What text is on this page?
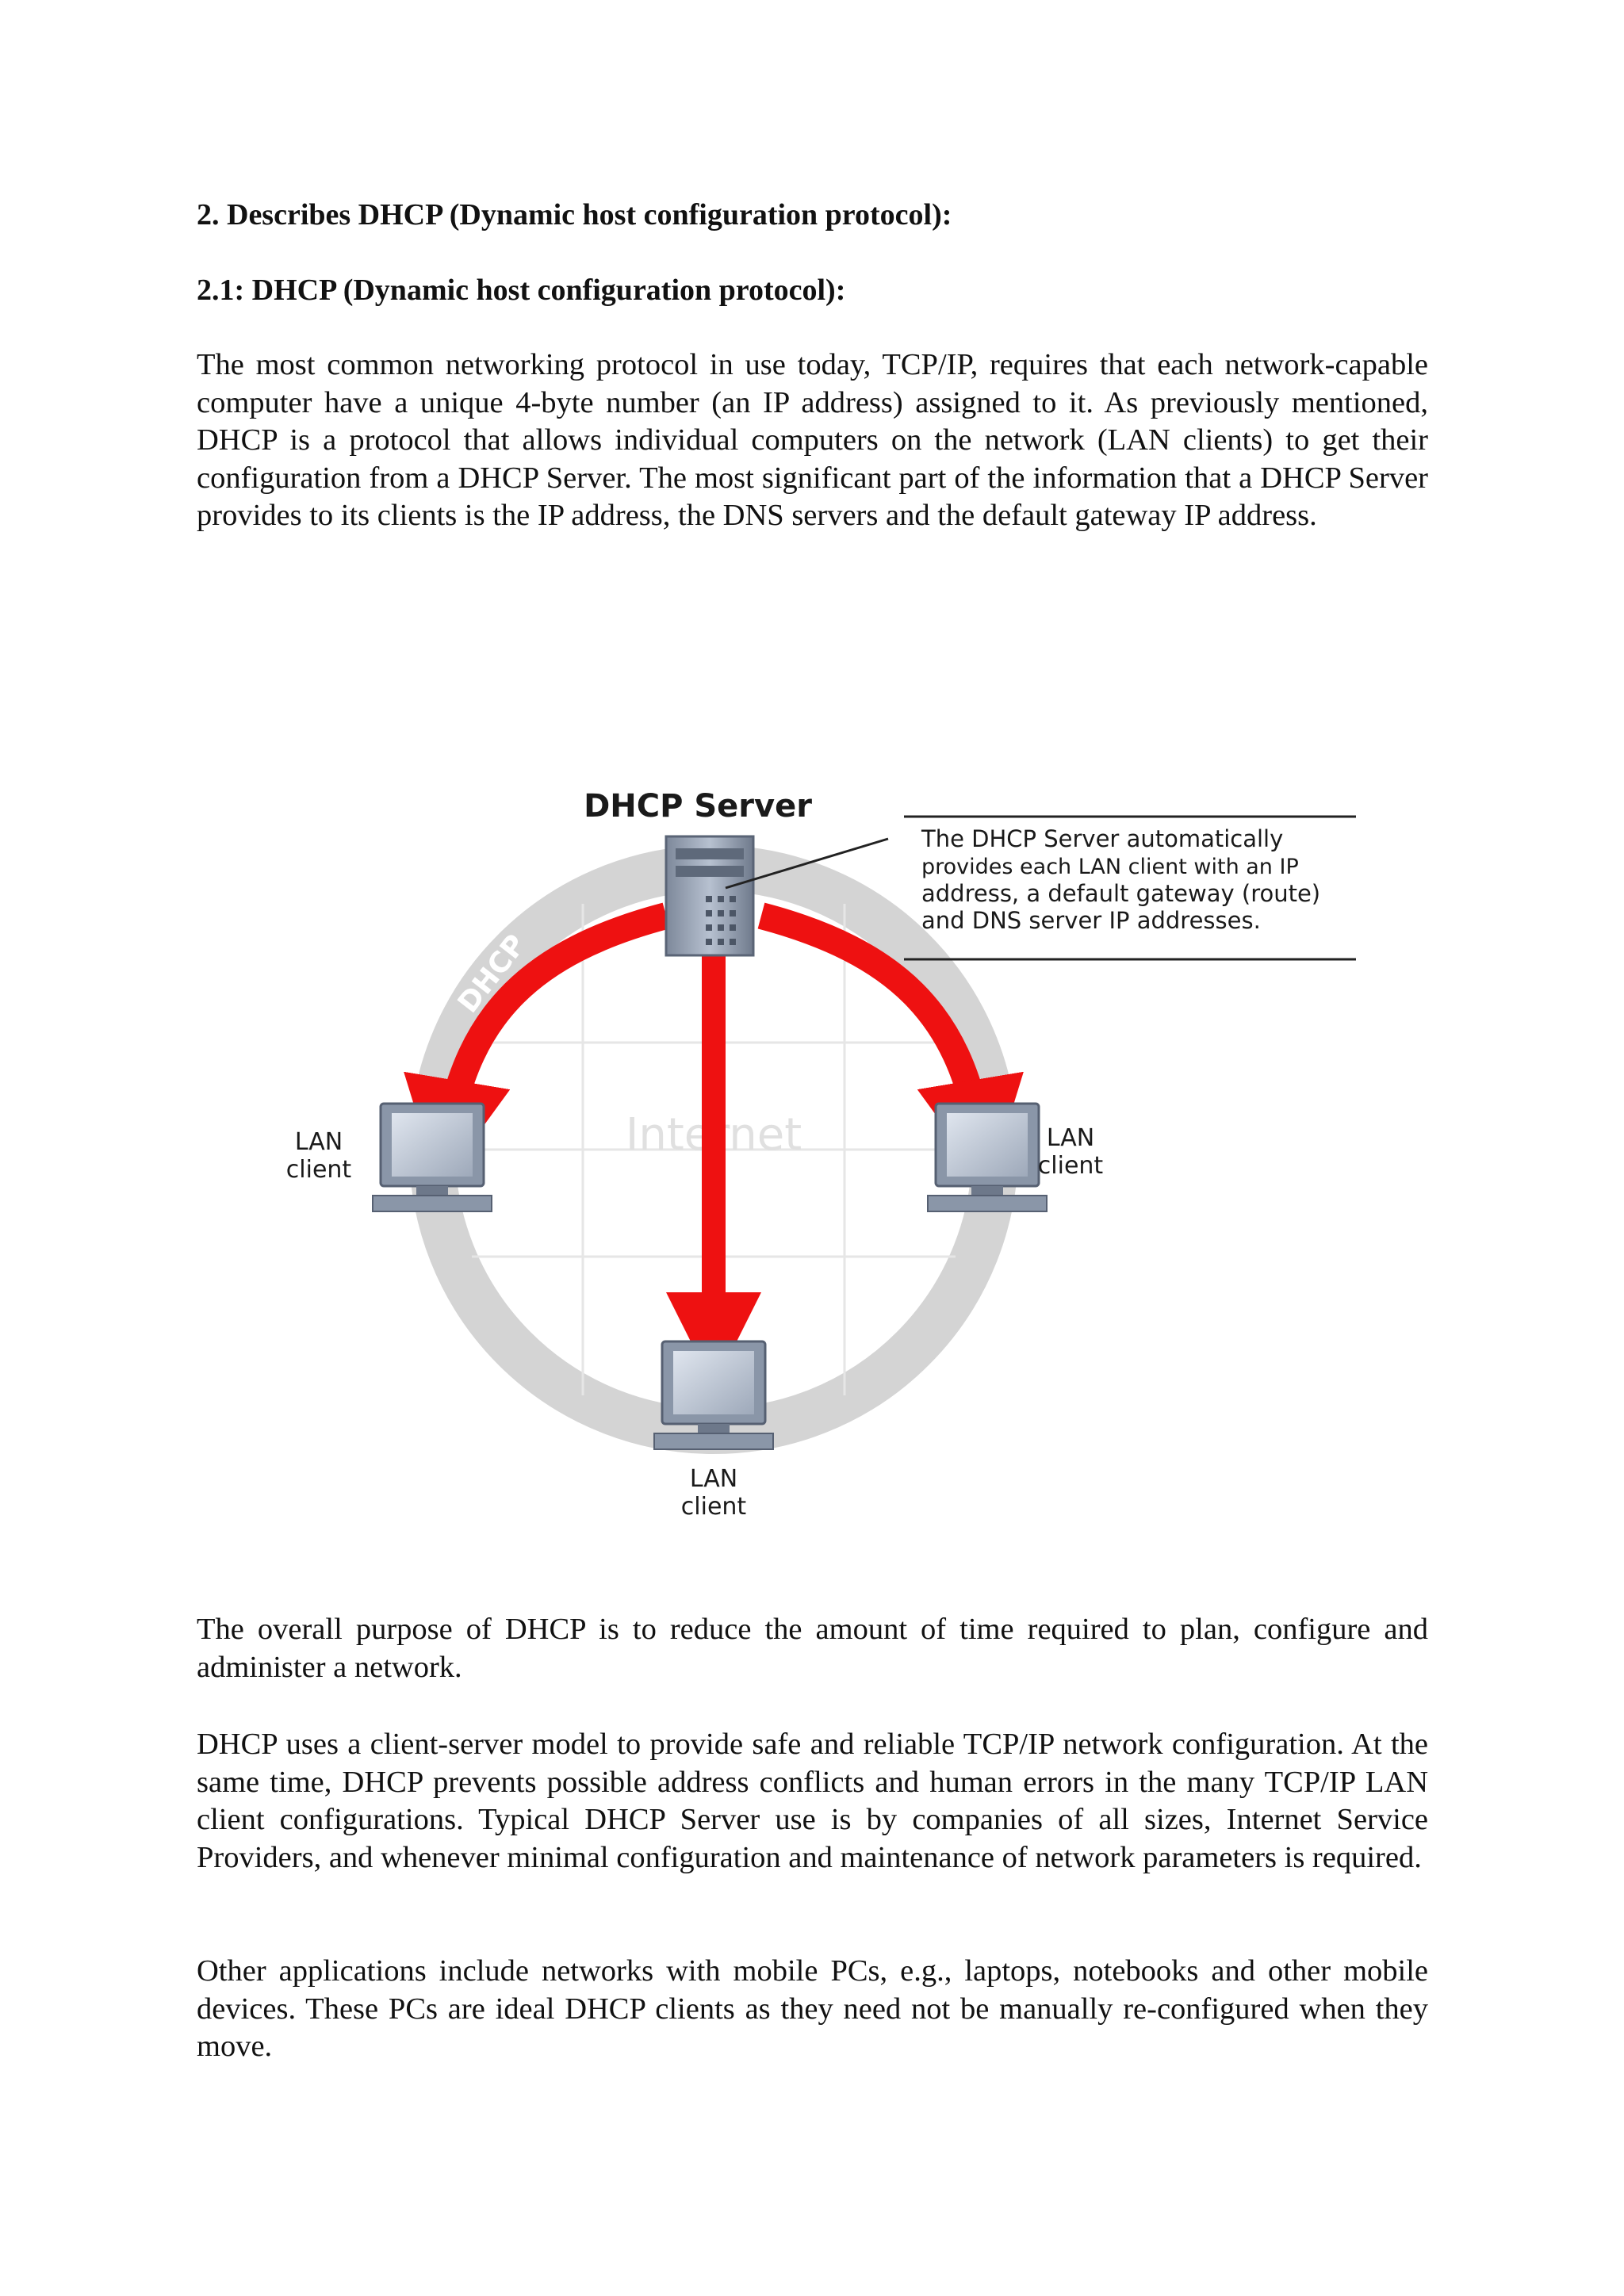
2. Describes DHCP (Dynamic host configuration protocol):
2.1: DHCP (Dynamic host configuration protocol):

The most common networking protocol in use today, TCP/IP, requires that each network-capable computer have a unique 4-byte number (an IP address) assigned to it. As previously mentioned, DHCP is a protocol that allows individual computers on the network (LAN clients) to get their configuration from a DHCP Server. The most significant part of the information that a DHCP Server provides to its clients is the IP address, the DNS servers and the default gateway IP address.

DHCP
Internet
DHCP Server
The DHCP Server automatically
provides each LAN client with an IP
address, a default gateway (route)
and DNS server IP addresses.
LAN
client
LAN
client
LAN
client

The overall purpose of DHCP is to reduce the amount of time required to plan, configure and administer a network.

DHCP uses a client-server model to provide safe and reliable TCP/IP network configuration. At the same time, DHCP prevents possible address conflicts and human errors in the many TCP/IP LAN client configurations. Typical DHCP Server use is by companies of all sizes, Internet Service Providers, and whenever minimal configuration and maintenance of network parameters is required.

Other applications include networks with mobile PCs, e.g., laptops, notebooks and other mobile devices. These PCs are ideal DHCP clients as they need not be manually re-configured when they move.
